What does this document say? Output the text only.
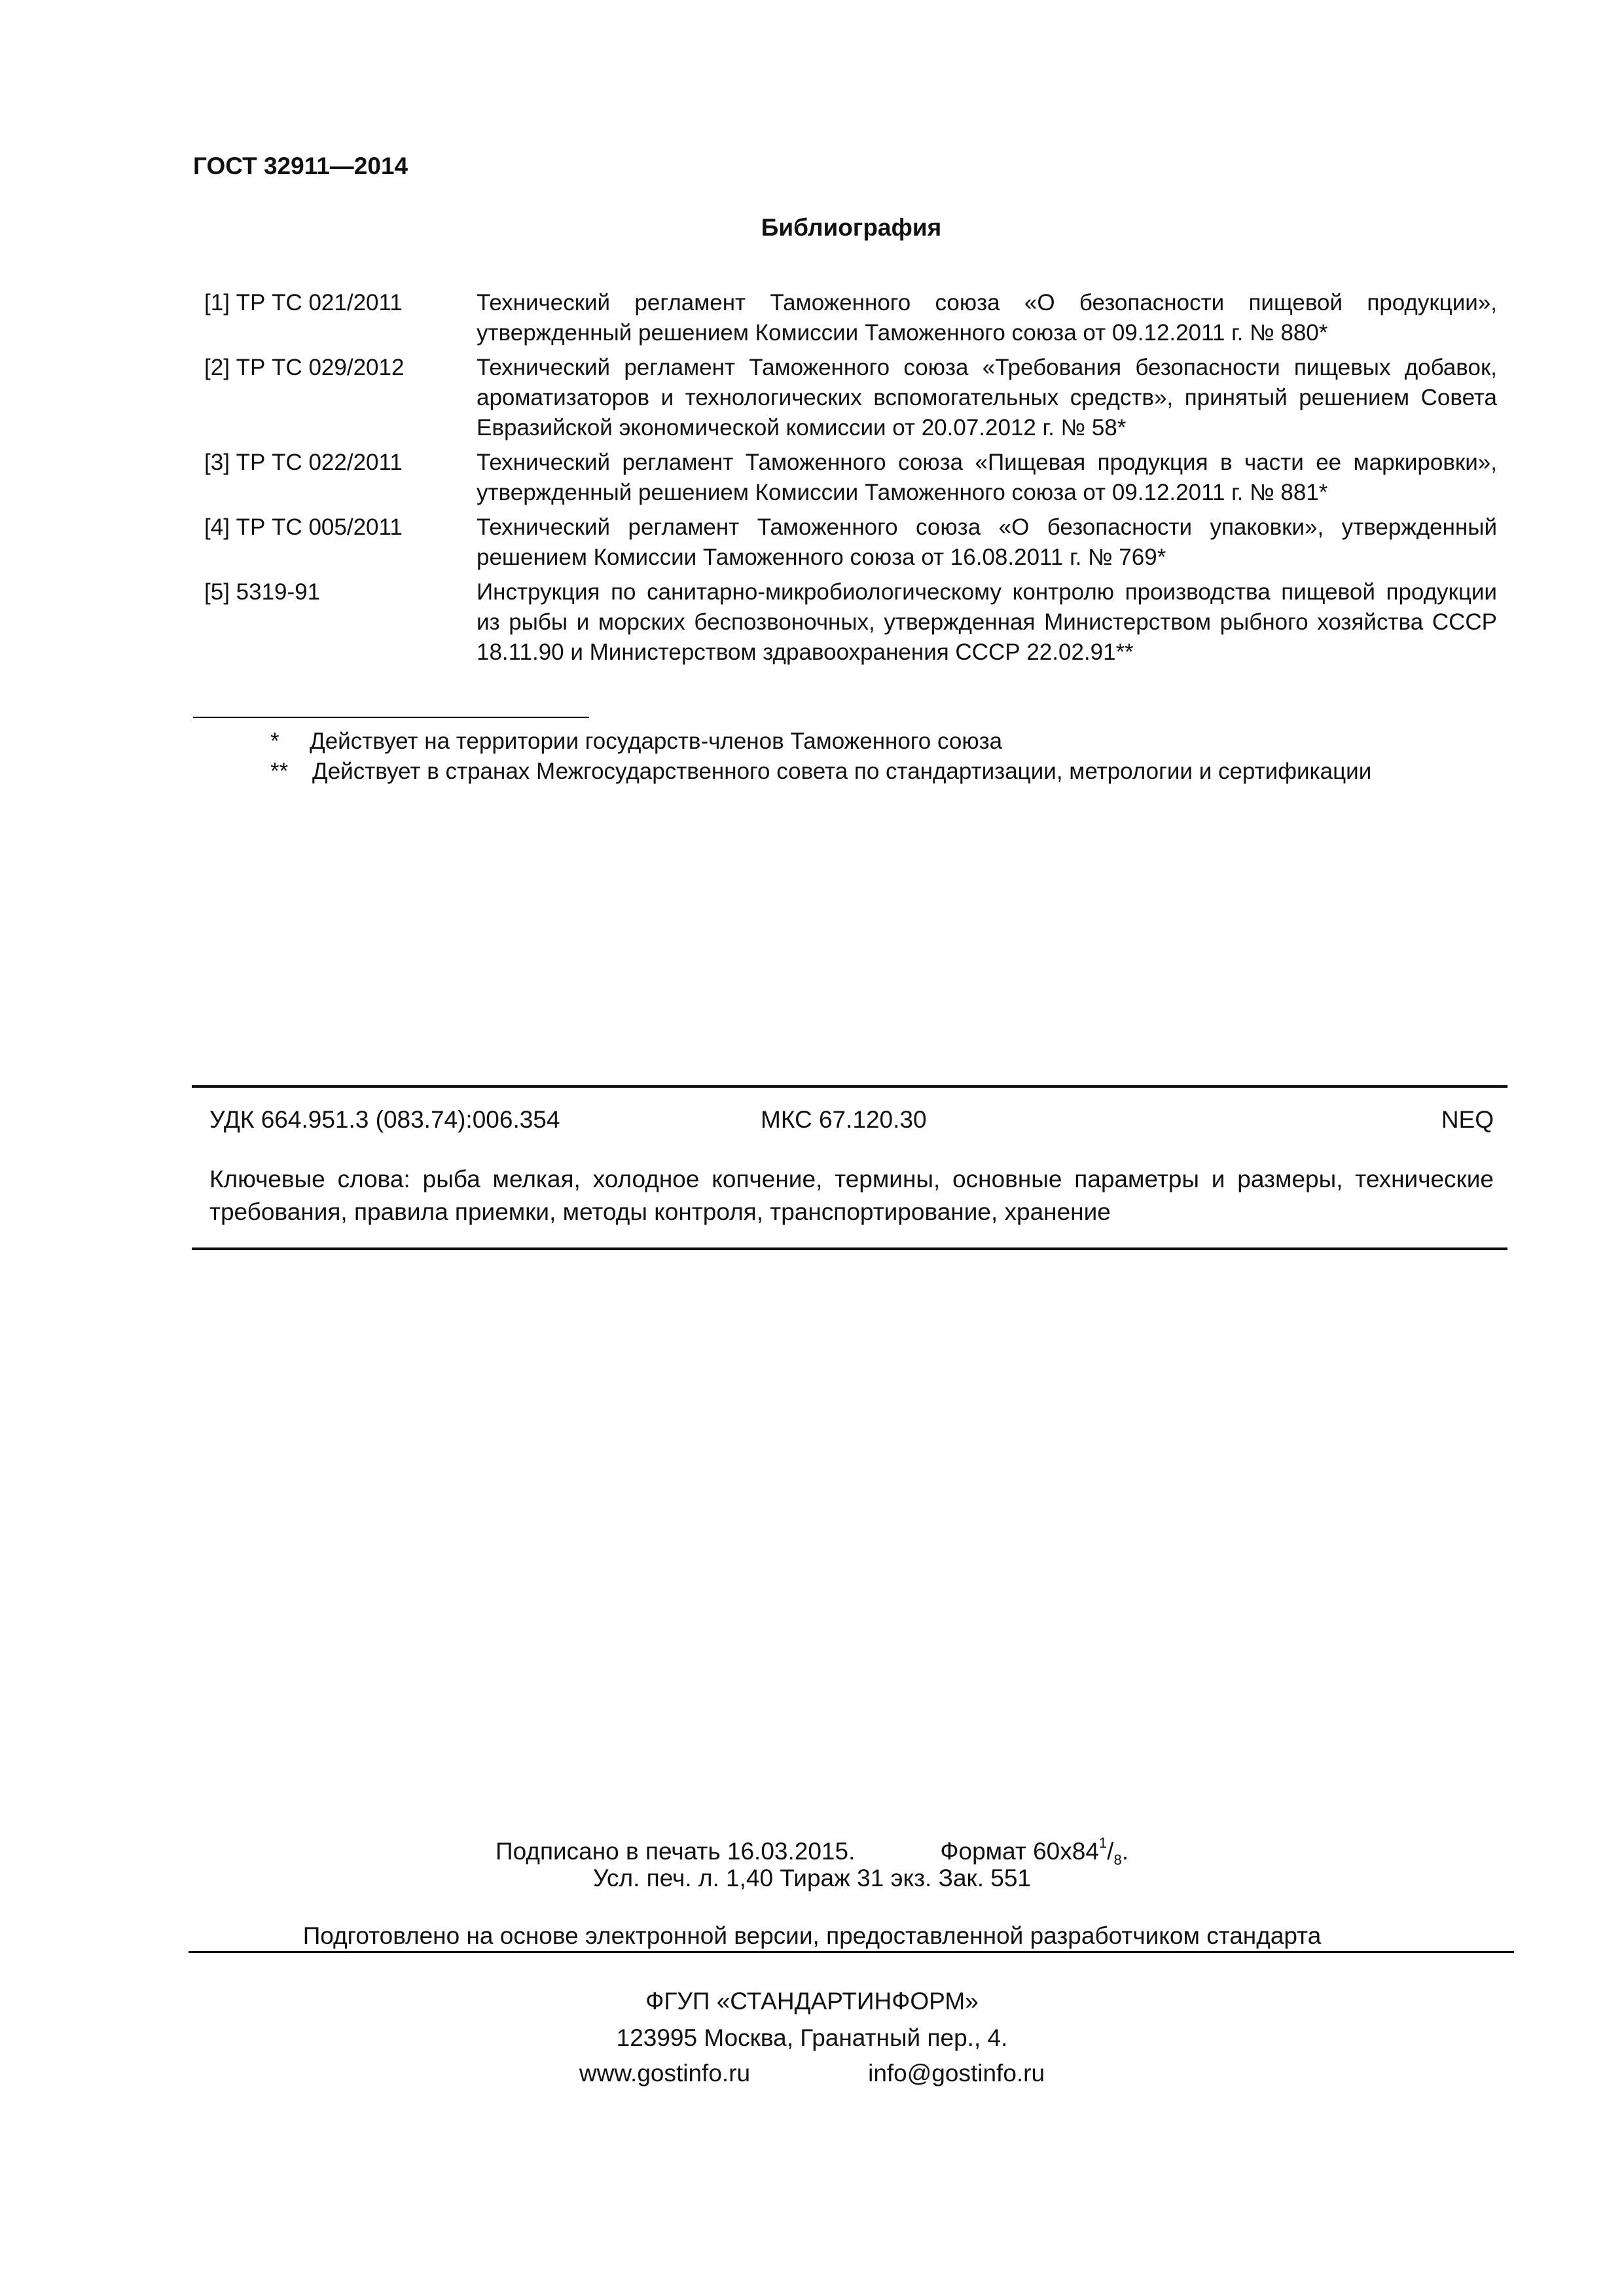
ГОСТ 32911—2014
Библиография
[1] ТР ТС 021/2011	Технический регламент Таможенного союза «О безопасности пищевой продукции», утвержденный решением Комиссии Таможенного союза от 09.12.2011 г. № 880*
[2] ТР ТС 029/2012	Технический регламент Таможенного союза «Требования безопасности пищевых добавок, ароматизаторов и технологических вспомогательных средств», принятый решением Совета Евразийской экономической комиссии от 20.07.2012 г. № 58*
[3] ТР ТС 022/2011	Технический регламент Таможенного союза «Пищевая продукция в части ее маркировки», утвержденный решением Комиссии Таможенного союза от 09.12.2011 г. № 881*
[4] ТР ТС 005/2011	Технический регламент Таможенного союза «О безопасности упаковки», утвержденный решением Комиссии Таможенного союза от 16.08.2011 г. № 769*
[5] 5319-91	Инструкция по санитарно-микробиологическому контролю производства пищевой продукции из рыбы и морских беспозвоночных, утвержденная Министерством рыбного хозяйства СССР 18.11.90 и Министерством здравоохранения СССР 22.02.91**
*	Действует на территории государств-членов Таможенного союза
**	Действует в странах Межгосударственного совета по стандартизации, метрологии и сертификации
УДК 664.951.3 (083.74):006.354	МКС 67.120.30	NEQ
Ключевые слова: рыба мелкая, холодное копчение, термины, основные параметры и размеры, технические требования, правила приемки, методы контроля, транспортирование, хранение
Подписано в печать 16.03.2015.	Формат $60x84^1/_8$.
Усл. печ. л. 1,40 Тираж 31 экз. Зак. 551
Подготовлено на основе электронной версии, предоставленной разработчиком стандарта
ФГУП «СТАНДАРТИНФОРМ»
123995 Москва, Гранатный пер., 4.
www.gostinfo.ru	info@gostinfo.ru
